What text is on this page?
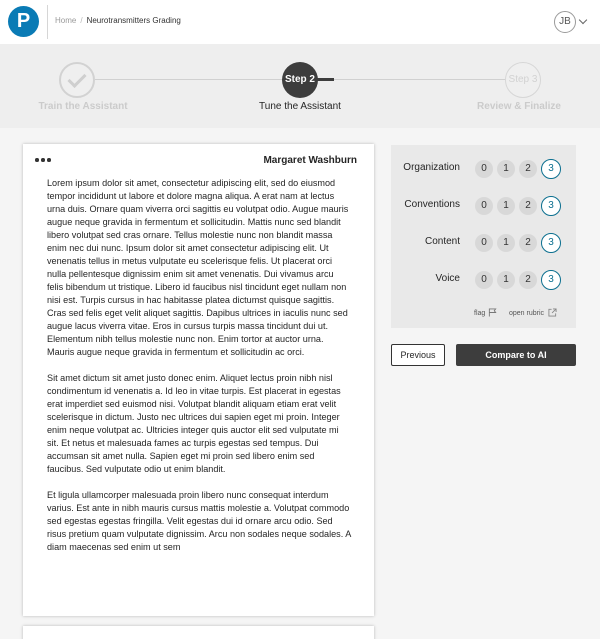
P	Home / Neurotransmitters Grading	JB
Step 2	Step 3
Train the Assistant	Tune the Assistant	Review & Finalize
Margaret Washburn

Lorem ipsum dolor sit amet, consectetur adipiscing elit, sed do eiusmod tempor incididunt ut labore et dolore magna aliqua. A erat nam at lectus urna duis. Ornare quam viverra orci sagittis eu volutpat odio. Augue mauris augue neque gravida in fermentum et sollicitudin. Mattis nunc sed blandit libero volutpat sed cras ornare. Tellus molestie nunc non blandit massa enim nec dui nunc. Ipsum dolor sit amet consectetur adipiscing elit. Ut venenatis tellus in metus vulputate eu scelerisque felis. Ut placerat orci nulla pellentesque dignissim enim sit amet venenatis. Dui vivamus arcu felis bibendum ut tristique. Libero id faucibus nisl tincidunt eget nullam non nisi est. Turpis cursus in hac habitasse platea dictumst quisque sagittis. Cras sed felis eget velit aliquet sagittis. Dapibus ultrices in iaculis nunc sed augue lacus viverra vitae. Eros in cursus turpis massa tincidunt dui ut. Elementum nibh tellus molestie nunc non. Enim tortor at auctor urna. Mauris augue neque gravida in fermentum et sollicitudin ac orci.

Sit amet dictum sit amet justo donec enim. Aliquet lectus proin nibh nisl condimentum id venenatis a. Id leo in vitae turpis. Est placerat in egestas erat imperdiet sed euismod nisi. Volutpat blandit aliquam etiam erat velit scelerisque in dictum. Justo nec ultrices dui sapien eget mi proin. Integer enim neque volutpat ac. Ultricies integer quis auctor elit sed vulputate mi sit. Et netus et malesuada fames ac turpis egestas sed tempus. Dui accumsan sit amet nulla. Sapien eget mi proin sed libero enim sed faucibus. Sed vulputate odio ut enim blandit.

Et ligula ullamcorper malesuada proin libero nunc consequat interdum varius. Est ante in nibh mauris cursus mattis molestie a. Volutpat commodo sed egestas egestas fringilla. Velit egestas dui id ornare arcu odio. Sed risus pretium quam vulputate dignissim. Arcu non sodales neque sodales. A diam maecenas sed enim ut sem

Organization	0	1	2	3
Conventions	0	1	2	3
Content	0	1	2	3
Voice	0	1	2	3
flag	open rubric
Previous	Compare to AI
